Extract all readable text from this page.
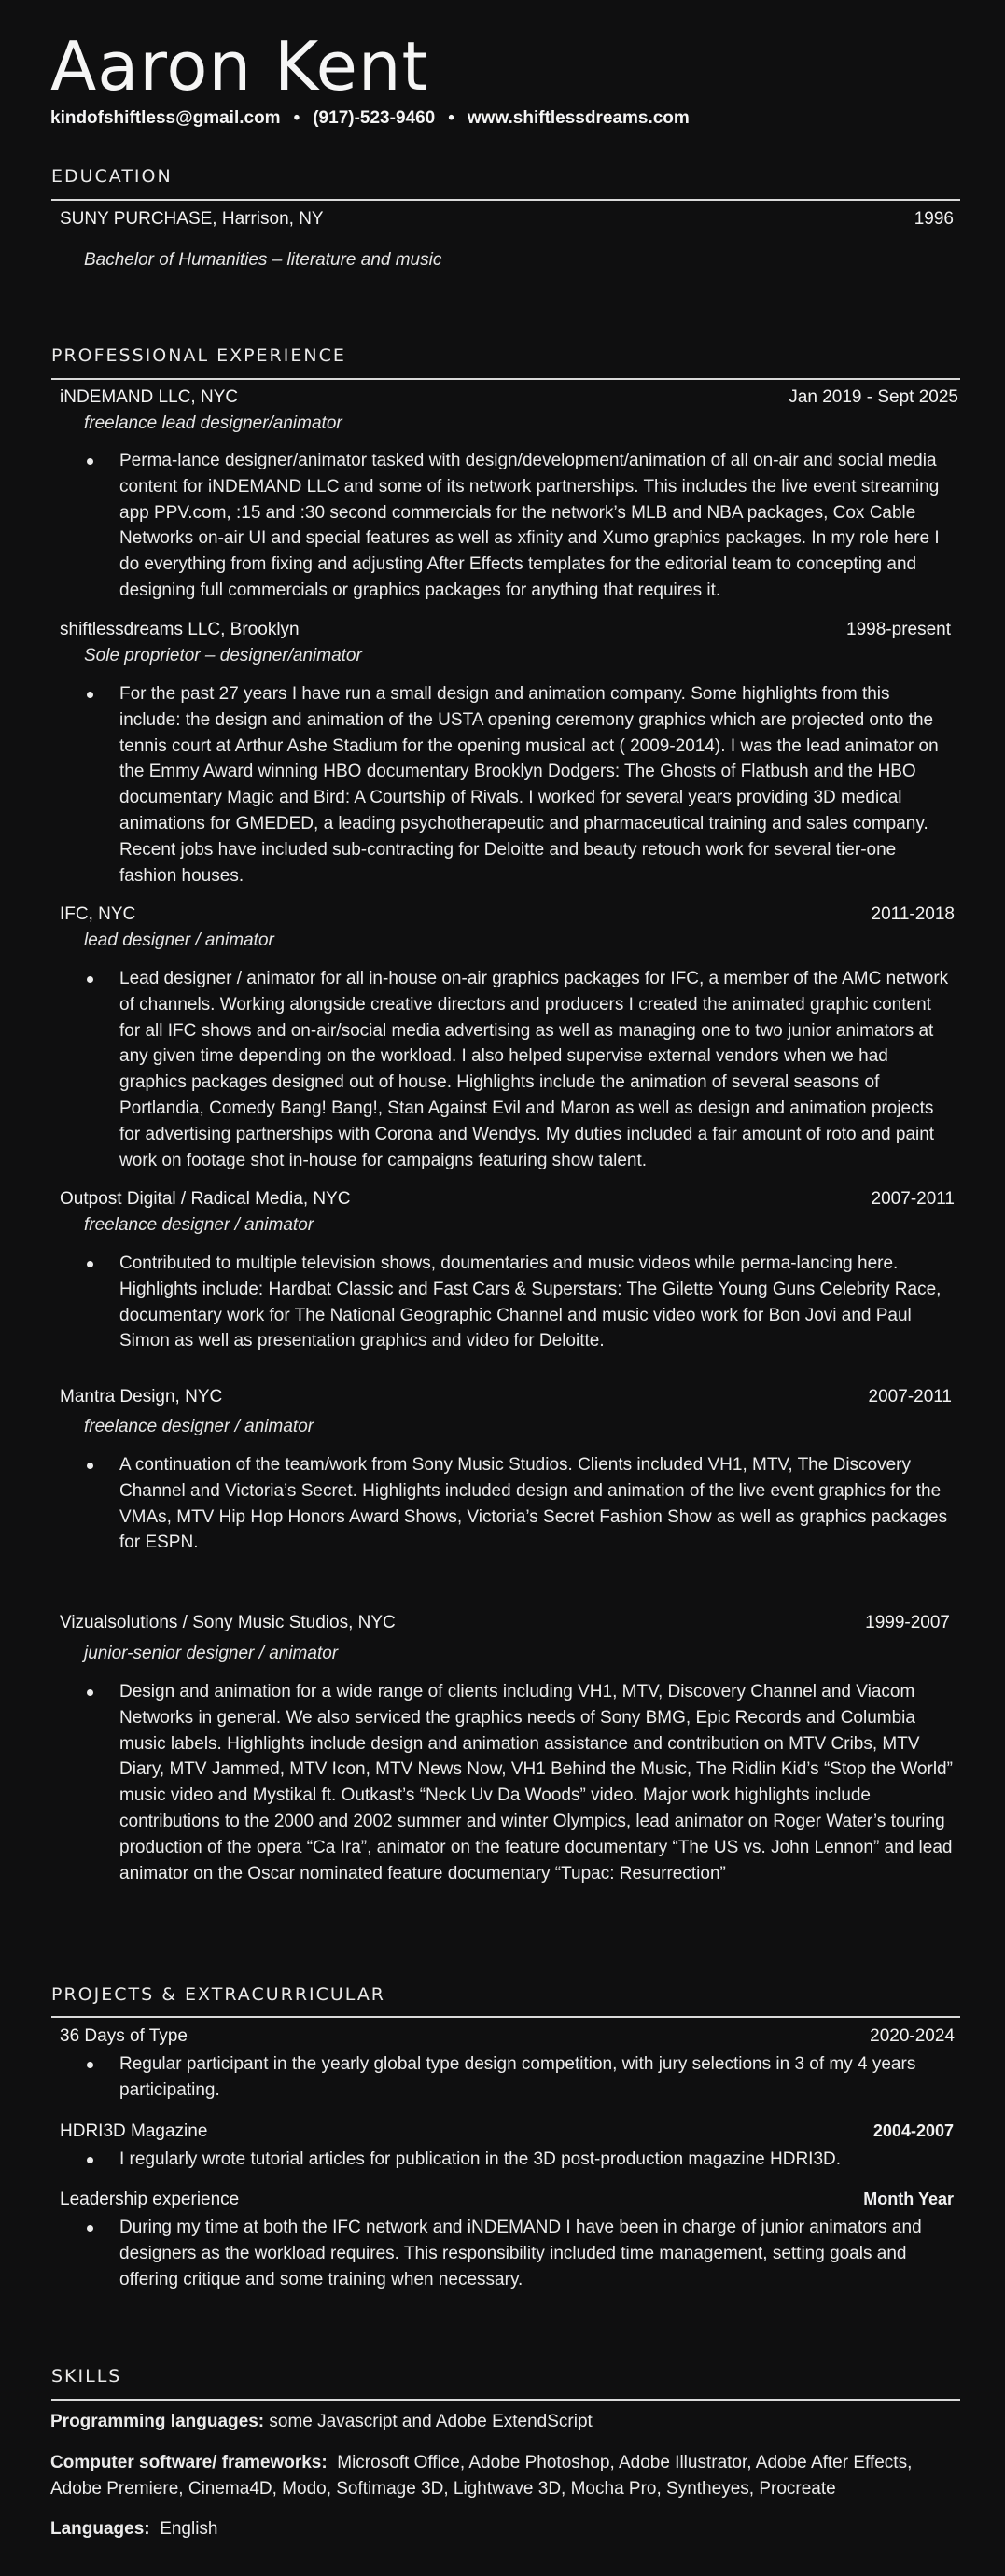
Aaron Kent
kindofshiftless@gmail.com • (917)-523-9460 • www.shiftlessdreams.com
EDUCATION
SUNY PURCHASE, Harrison, NY	1996
Bachelor of Humanities – literature and music
PROFESSIONAL EXPERIENCE
iNDEMAND LLC, NYC	Jan 2019 - Sept 2025
freelance lead designer/animator
Perma-lance designer/animator tasked with design/development/animation of all on-air and social media content for iNDEMAND LLC and some of its network partnerships. This includes the live event streaming app PPV.com, :15 and :30 second commercials for the network’s MLB and NBA packages, Cox Cable Networks on-air UI and special features as well as xfinity and Xumo graphics packages. In my role here I do everything from fixing and adjusting After Effects templates for the editorial team to concepting and designing full commercials or graphics packages for anything that requires it.
shiftlessdreams LLC, Brooklyn	1998-present
Sole proprietor – designer/animator
For the past 27 years I have run a small design and animation company. Some highlights from this include: the design and animation of the USTA opening ceremony graphics which are projected onto the tennis court at Arthur Ashe Stadium for the opening musical act ( 2009-2014). I was the lead animator on the Emmy Award winning HBO documentary Brooklyn Dodgers: The Ghosts of Flatbush and the HBO documentary Magic and Bird: A Courtship of Rivals. I worked for several years providing 3D medical animations for GMEDED, a leading psychotherapeutic and pharmaceutical training and sales company. Recent jobs have included sub-contracting for Deloitte and beauty retouch work for several tier-one fashion houses.
IFC, NYC	2011-2018
lead designer / animator
Lead designer / animator for all in-house on-air graphics packages for IFC, a member of the AMC network of channels. Working alongside creative directors and producers I created the animated graphic content for all IFC shows and on-air/social media advertising as well as managing one to two junior animators at any given time depending on the workload. I also helped supervise external vendors when we had graphics packages designed out of house. Highlights include the animation of several seasons of Portlandia, Comedy Bang! Bang!, Stan Against Evil and Maron as well as design and animation projects for advertising partnerships with Corona and Wendys. My duties included a fair amount of roto and paint work on footage shot in-house for campaigns featuring show talent.
Outpost Digital / Radical Media, NYC	2007-2011
freelance designer / animator
Contributed to multiple television shows, doumentaries and music videos while perma-lancing here. Highlights include: Hardbat Classic and Fast Cars & Superstars: The Gilette Young Guns Celebrity Race, documentary work for The National Geographic Channel and music video work for Bon Jovi and Paul Simon as well as presentation graphics and video for Deloitte.
Mantra Design, NYC	2007-2011
freelance designer / animator
A continuation of the team/work from Sony Music Studios. Clients included VH1, MTV, The Discovery Channel and Victoria’s Secret. Highlights included design and animation of the live event graphics for the VMAs, MTV Hip Hop Honors Award Shows, Victoria’s Secret Fashion Show as well as graphics packages for ESPN.
Vizualsolutions / Sony Music Studios, NYC	1999-2007
junior-senior designer / animator
Design and animation for a wide range of clients including VH1, MTV, Discovery Channel and Viacom Networks in general. We also serviced the graphics needs of Sony BMG, Epic Records and Columbia music labels. Highlights include design and animation assistance and contribution on MTV Cribs, MTV Diary, MTV Jammed, MTV Icon, MTV News Now, VH1 Behind the Music, The Ridlin Kid’s “Stop the World” music video and Mystikal ft. Outkast’s “Neck Uv Da Woods” video. Major work highlights include contributions to the 2000 and 2002 summer and winter Olympics, lead animator on Roger Water’s touring production of the opera “Ca Ira”, animator on the feature documentary “The US vs. John Lennon” and lead animator on the Oscar nominated feature documentary “Tupac: Resurrection”
PROJECTS & EXTRACURRICULAR
36 Days of Type	2020-2024
Regular participant in the yearly global type design competition, with jury selections in 3 of my 4 years participating.
HDRI3D Magazine	2004-2007
I regularly wrote tutorial articles for publication in the 3D post-production magazine HDRI3D.
Leadership experience	Month Year
During my time at both the IFC network and iNDEMAND I have been in charge of junior animators and designers as the workload requires. This responsibility included time management, setting goals and offering critique and some training when necessary.
SKILLS
Programming languages: some Javascript and Adobe ExtendScript
Computer software/ frameworks: Microsoft Office, Adobe Photoshop, Adobe Illustrator, Adobe After Effects, Adobe Premiere, Cinema4D, Modo, Softimage 3D, Lightwave 3D, Mocha Pro, Syntheyes, Procreate
Languages: English
